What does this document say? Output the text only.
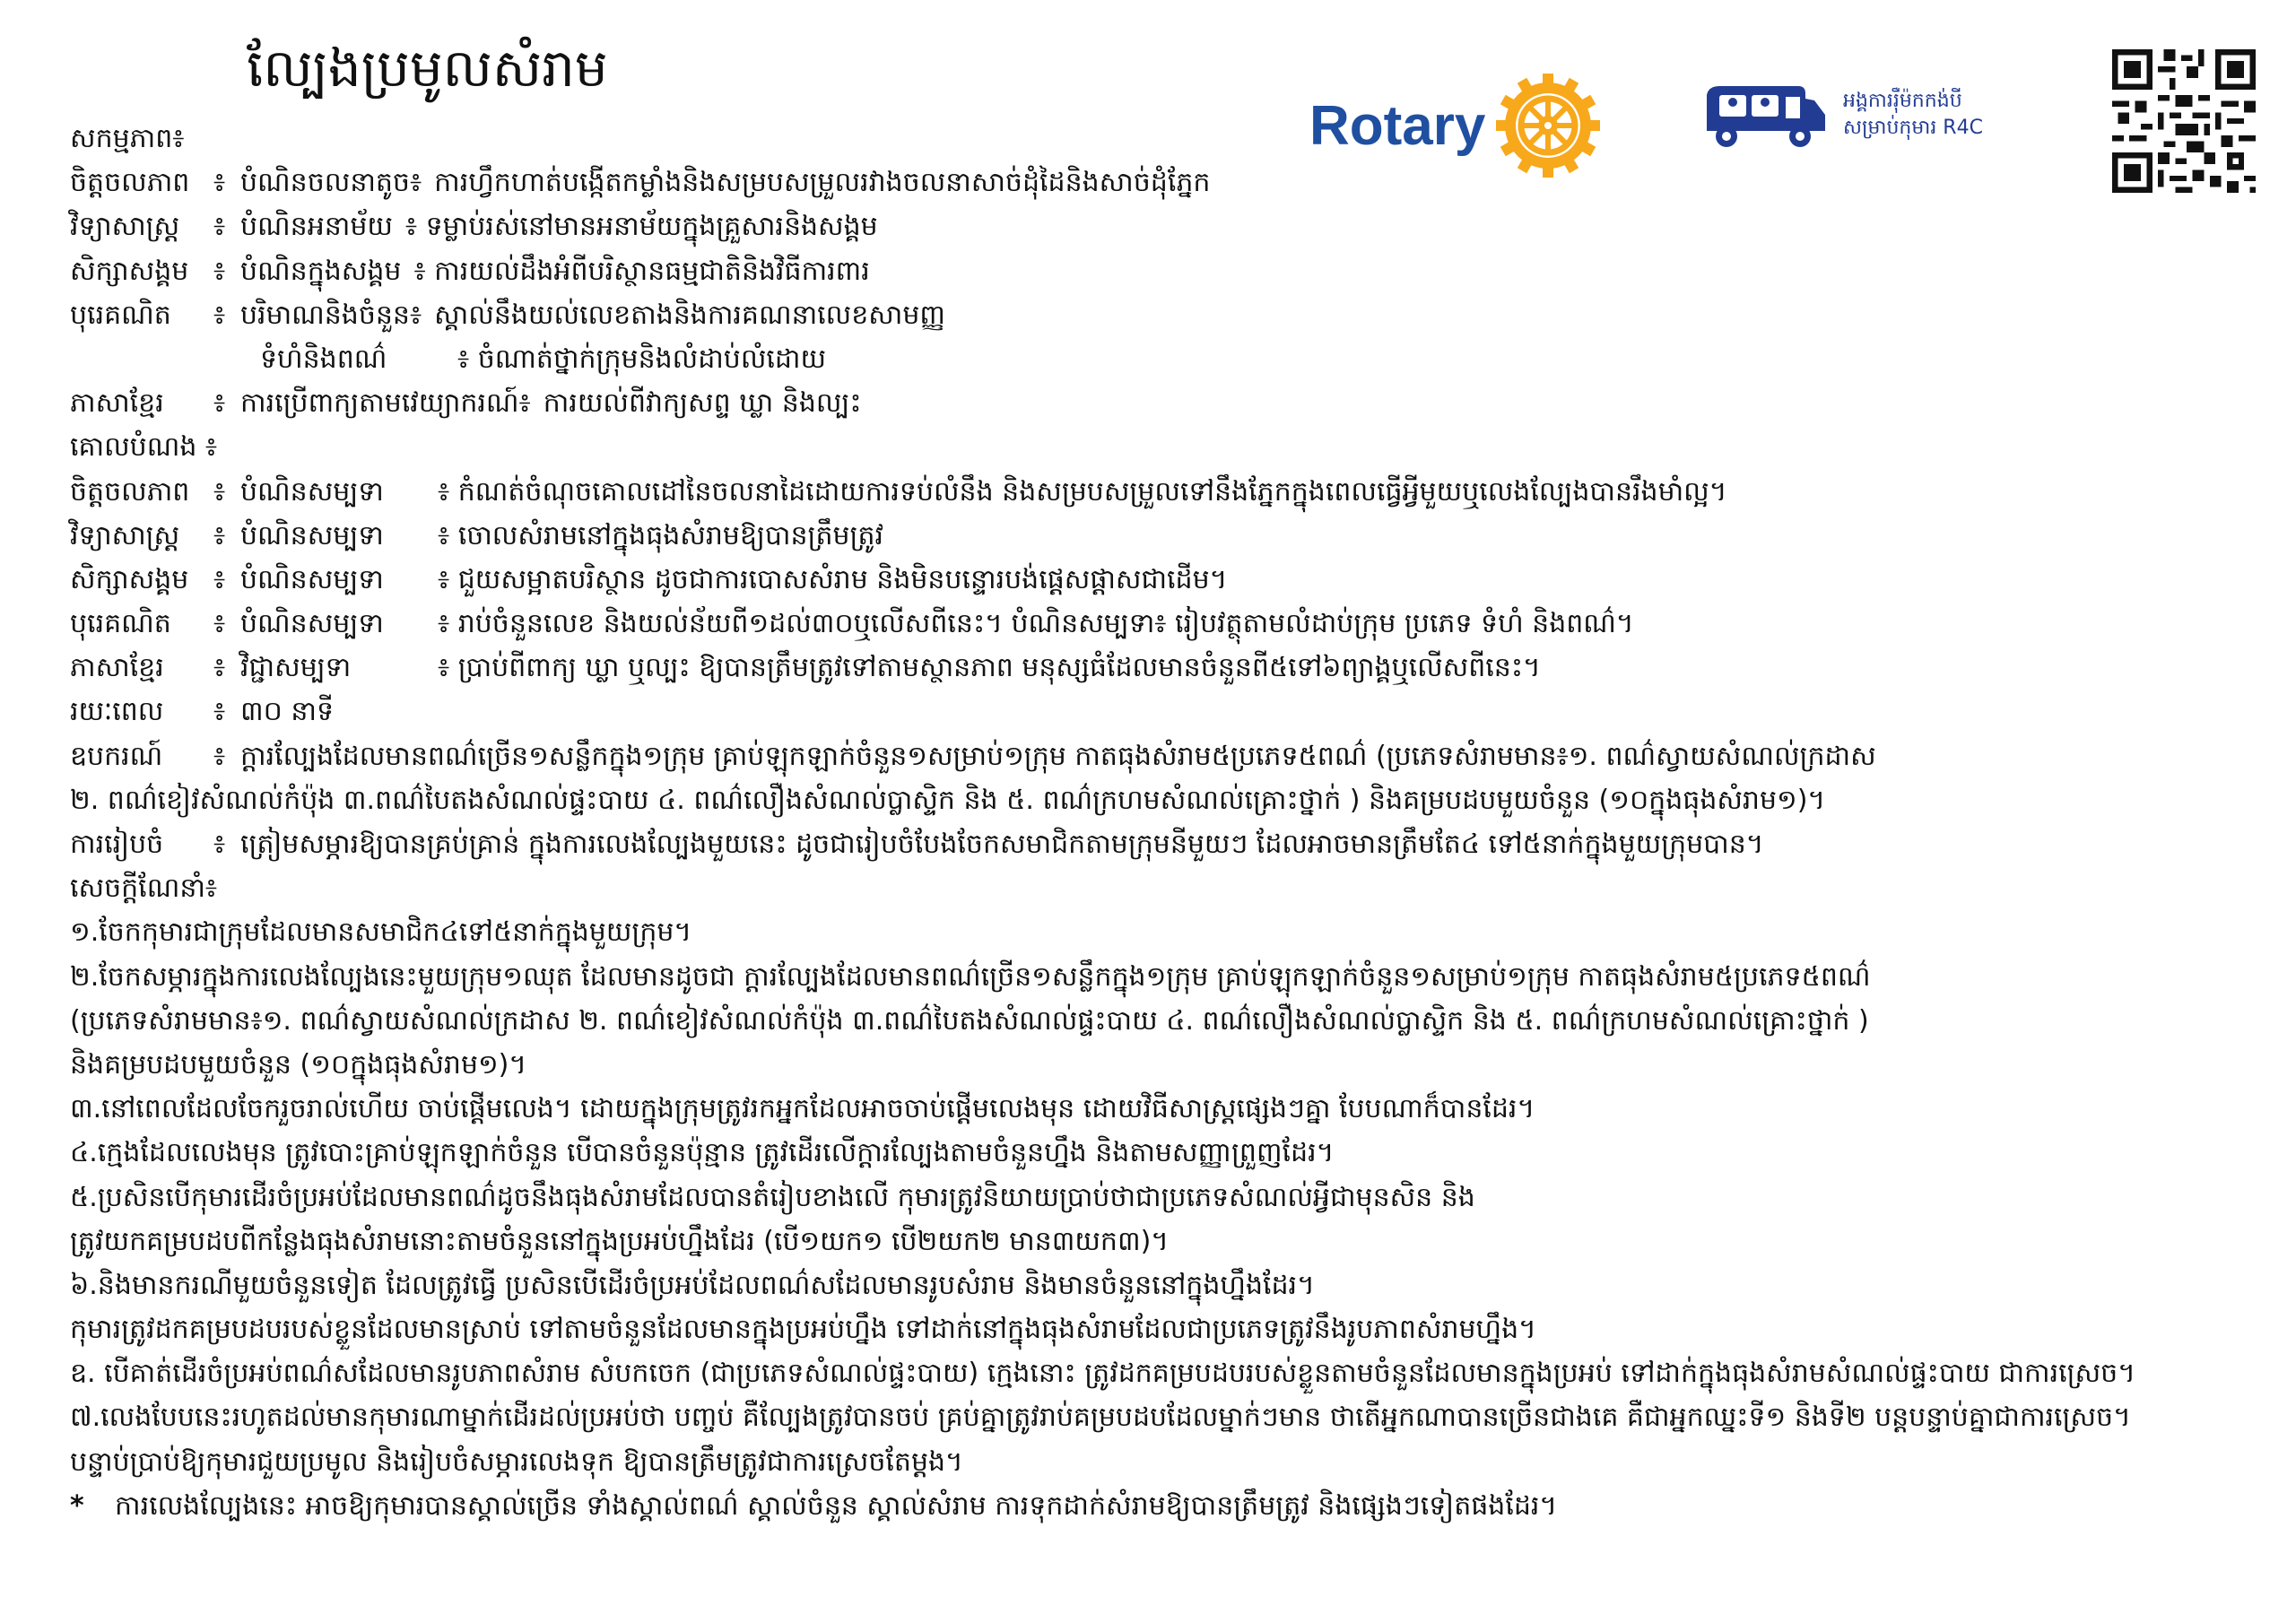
ល្បែងប្រមូលសំរាម
Rotary	អង្គការរ៉ឺម៉កកង់បី
សម្រាប់កុមារ R4C
សកម្មភាព៖
ចិត្តចលភាព ៖ បំណិនចលនាតូច៖ ការហ្វឹកហាត់បង្កើតកម្លាំងនិងសម្របសម្រួលរវាងចលនាសាច់ដុំដៃនិងសាច់ដុំភ្នែក
វិទ្យាសាស្ត្រ	៖ បំណិនអនាម័យ ៖ ទម្លាប់រស់នៅមានអនាម័យក្នុងគ្រួសារនិងសង្គម
សិក្សាសង្គម ៖ បំណិនក្នុងសង្គម ៖ ការយល់ដឹងអំពីបរិស្ថានធម្មជាតិនិងវិធីការពារ
បុរេគណិត	៖ បរិមាណនិងចំនួន៖ ស្គាល់នឹងយល់លេខតាងនិងការគណនាលេខសាមញ្ញ
ទំហំនិងពណ៌	៖ ចំណាត់ថ្នាក់ក្រុមនិងលំដាប់លំដោយ
ភាសាខ្មែរ	៖ ការប្រើពាក្យតាមវេយ្យាករណ៍៖ ការយល់ពីវាក្យសព្ទ ឃ្លា និងល្បះ
គោលបំណង ៖
ចិត្តចលភាព ៖ បំណិនសម្បទា	៖ កំណត់ចំណុចគោលដៅនៃចលនាដៃដោយការទប់លំនឹង និងសម្របសម្រួលទៅនឹងភ្នែកក្នុងពេលធ្វើអ្វីមួយឬលេងល្បែងបានរឹងមាំល្អ។
វិទ្យាសាស្ត្រ	៖ បំណិនសម្បទា	៖ ចោលសំរាមនៅក្នុងធុងសំរាមឱ្យបានត្រឹមត្រូវ
សិក្សាសង្គម ៖ បំណិនសម្បទា	៖ ជួយសម្អាតបរិស្ថាន ដូចជាការបោសសំរាម និងមិនបន្ទោរបង់ផ្ដេសផ្ដាសជាដើម។
បុរេគណិត	៖ បំណិនសម្បទា	៖ រាប់ចំនួនលេខ និងយល់ន័យពី១ដល់៣០ឬលើសពីនេះ។ បំណិនសម្បទា៖ រៀបវត្ថុតាមលំដាប់ក្រុម ប្រភេទ ទំហំ និងពណ៌។
ភាសាខ្មែរ	៖ វិជ្ជាសម្បទា	៖ ប្រាប់ពីពាក្យ ឃ្លា ឬល្បះ ឱ្យបានត្រឹមត្រូវទៅតាមស្ថានភាព មនុស្សធំដែលមានចំនួនពី៥ទៅ៦ព្យាង្គឬលើសពីនេះ។
រយៈពេល	៖ ៣០ នាទី
ឧបករណ៍	៖ ក្ដារល្បែងដែលមានពណ៌ច្រើន១សន្លឹកក្នុង១ក្រុម គ្រាប់ឡុកឡាក់ចំនួន១សម្រាប់១ក្រុម កាតធុងសំរាម៥ប្រភេទ៥ពណ៌ (ប្រភេទសំរាមមាន៖១. ពណ៌ស្វាយសំណល់ក្រដាស
២. ពណ៌ខៀវសំណល់កំប៉ុង ៣.ពណ៌បៃតងសំណល់ផ្ទះបាយ ៤. ពណ៌លឿងសំណល់ប្លាស្ទិក និង ៥. ពណ៌ក្រហមសំណល់គ្រោះថ្នាក់ ) និងគម្របដបមួយចំនួន (១០ក្នុងធុងសំរាម១)។
ការរៀបចំ	៖ ត្រៀមសម្ភារឱ្យបានគ្រប់គ្រាន់ ក្នុងការលេងល្បែងមួយនេះ ដូចជារៀបចំបែងចែកសមាជិកតាមក្រុមនីមួយៗ ដែលអាចមានត្រឹមតែ៤ ទៅ៥នាក់ក្នុងមួយក្រុមបាន។
សេចក្ដីណែនាំ៖
១.ចែកកុមារជាក្រុមដែលមានសមាជិក៤ទៅ៥នាក់ក្នុងមួយក្រុម។
២.ចែកសម្ភារក្នុងការលេងល្បែងនេះមួយក្រុម១ឈុត ដែលមានដូចជា ក្ដារល្បែងដែលមានពណ៌ច្រើន១សន្លឹកក្នុង១ក្រុម គ្រាប់ឡុកឡាក់ចំនួន១សម្រាប់១ក្រុម កាតធុងសំរាម៥ប្រភេទ៥ពណ៌
(ប្រភេទសំរាមមាន៖១. ពណ៌ស្វាយសំណល់ក្រដាស ២. ពណ៌ខៀវសំណល់កំប៉ុង ៣.ពណ៌បៃតងសំណល់ផ្ទះបាយ ៤. ពណ៌លឿងសំណល់ប្លាស្ទិក និង ៥. ពណ៌ក្រហមសំណល់គ្រោះថ្នាក់ )
និងគម្របដបមួយចំនួន (១០ក្នុងធុងសំរាម១)។
៣.នៅពេលដែលចែករួចរាល់ហើយ ចាប់ផ្ដើមលេង។ ដោយក្នុងក្រុមត្រូវរកអ្នកដែលអាចចាប់ផ្ដើមលេងមុន ដោយវិធីសាស្ត្រផ្សេងៗគ្នា បែបណាក៏បានដែរ។
៤.ក្មេងដែលលេងមុន ត្រូវបោះគ្រាប់ឡុកឡាក់ចំនួន បើបានចំនួនប៉ុន្មាន ត្រូវដើរលើក្ដារល្បែងតាមចំនួនហ្នឹង និងតាមសញ្ញាព្រួញដែរ។
៥.ប្រសិនបើកុមារដើរចំប្រអប់ដែលមានពណ៌ដូចនឹងធុងសំរាមដែលបានតំរៀបខាងលើ កុមារត្រូវនិយាយប្រាប់ថាជាប្រភេទសំណល់អ្វីជាមុនសិន និង
ត្រូវយកគម្របដបពីកន្លែងធុងសំរាមនោះតាមចំនួននៅក្នុងប្រអប់ហ្នឹងដែរ (បើ១យក១ បើ២យក២ មាន៣យក៣)។
៦.និងមានករណីមួយចំនួនទៀត ដែលត្រូវធ្វើ ប្រសិនបើដើរចំប្រអប់ដែលពណ៌សដែលមានរូបសំរាម និងមានចំនួននៅក្នុងហ្នឹងដែរ។
កុមារត្រូវដកគម្របដបរបស់ខ្លួនដែលមានស្រាប់ ទៅតាមចំនួនដែលមានក្នុងប្រអប់ហ្នឹង ទៅដាក់នៅក្នុងធុងសំរាមដែលជាប្រភេទត្រូវនឹងរូបភាពសំរាមហ្នឹង។
ឧ. បើគាត់ដើរចំប្រអប់ពណ៌សដែលមានរូបភាពសំរាម សំបកចេក (ជាប្រភេទសំណល់ផ្ទះបាយ) ក្មេងនោះ ត្រូវដកគម្របដបរបស់ខ្លួនតាមចំនួនដែលមានក្នុងប្រអប់ ទៅដាក់ក្នុងធុងសំរាមសំណល់ផ្ទះបាយ ជាការស្រេច។
៧.លេងបែបនេះរហូតដល់មានកុមារណាម្នាក់ដើរដល់ប្រអប់ថា បញ្ចប់ គឺល្បែងត្រូវបានចប់ គ្រប់គ្នាត្រូវរាប់គម្របដបដែលម្នាក់ៗមាន ថាតើអ្នកណាបានច្រើនជាងគេ គឺជាអ្នកឈ្នះទី១ និងទី២ បន្តបន្ទាប់គ្នាជាការស្រេច។
បន្ទាប់ប្រាប់ឱ្យកុមារជួយប្រមូល និងរៀបចំសម្ភារលេងទុក ឱ្យបានត្រឹមត្រូវជាការស្រេចតែម្ដង។
* ការលេងល្បែងនេះ អាចឱ្យកុមារបានស្គាល់ច្រើន ទាំងស្គាល់ពណ៌ ស្គាល់ចំនួន ស្គាល់សំរាម ការទុកដាក់សំរាមឱ្យបានត្រឹមត្រូវ និងផ្សេងៗទៀតផងដែរ។
